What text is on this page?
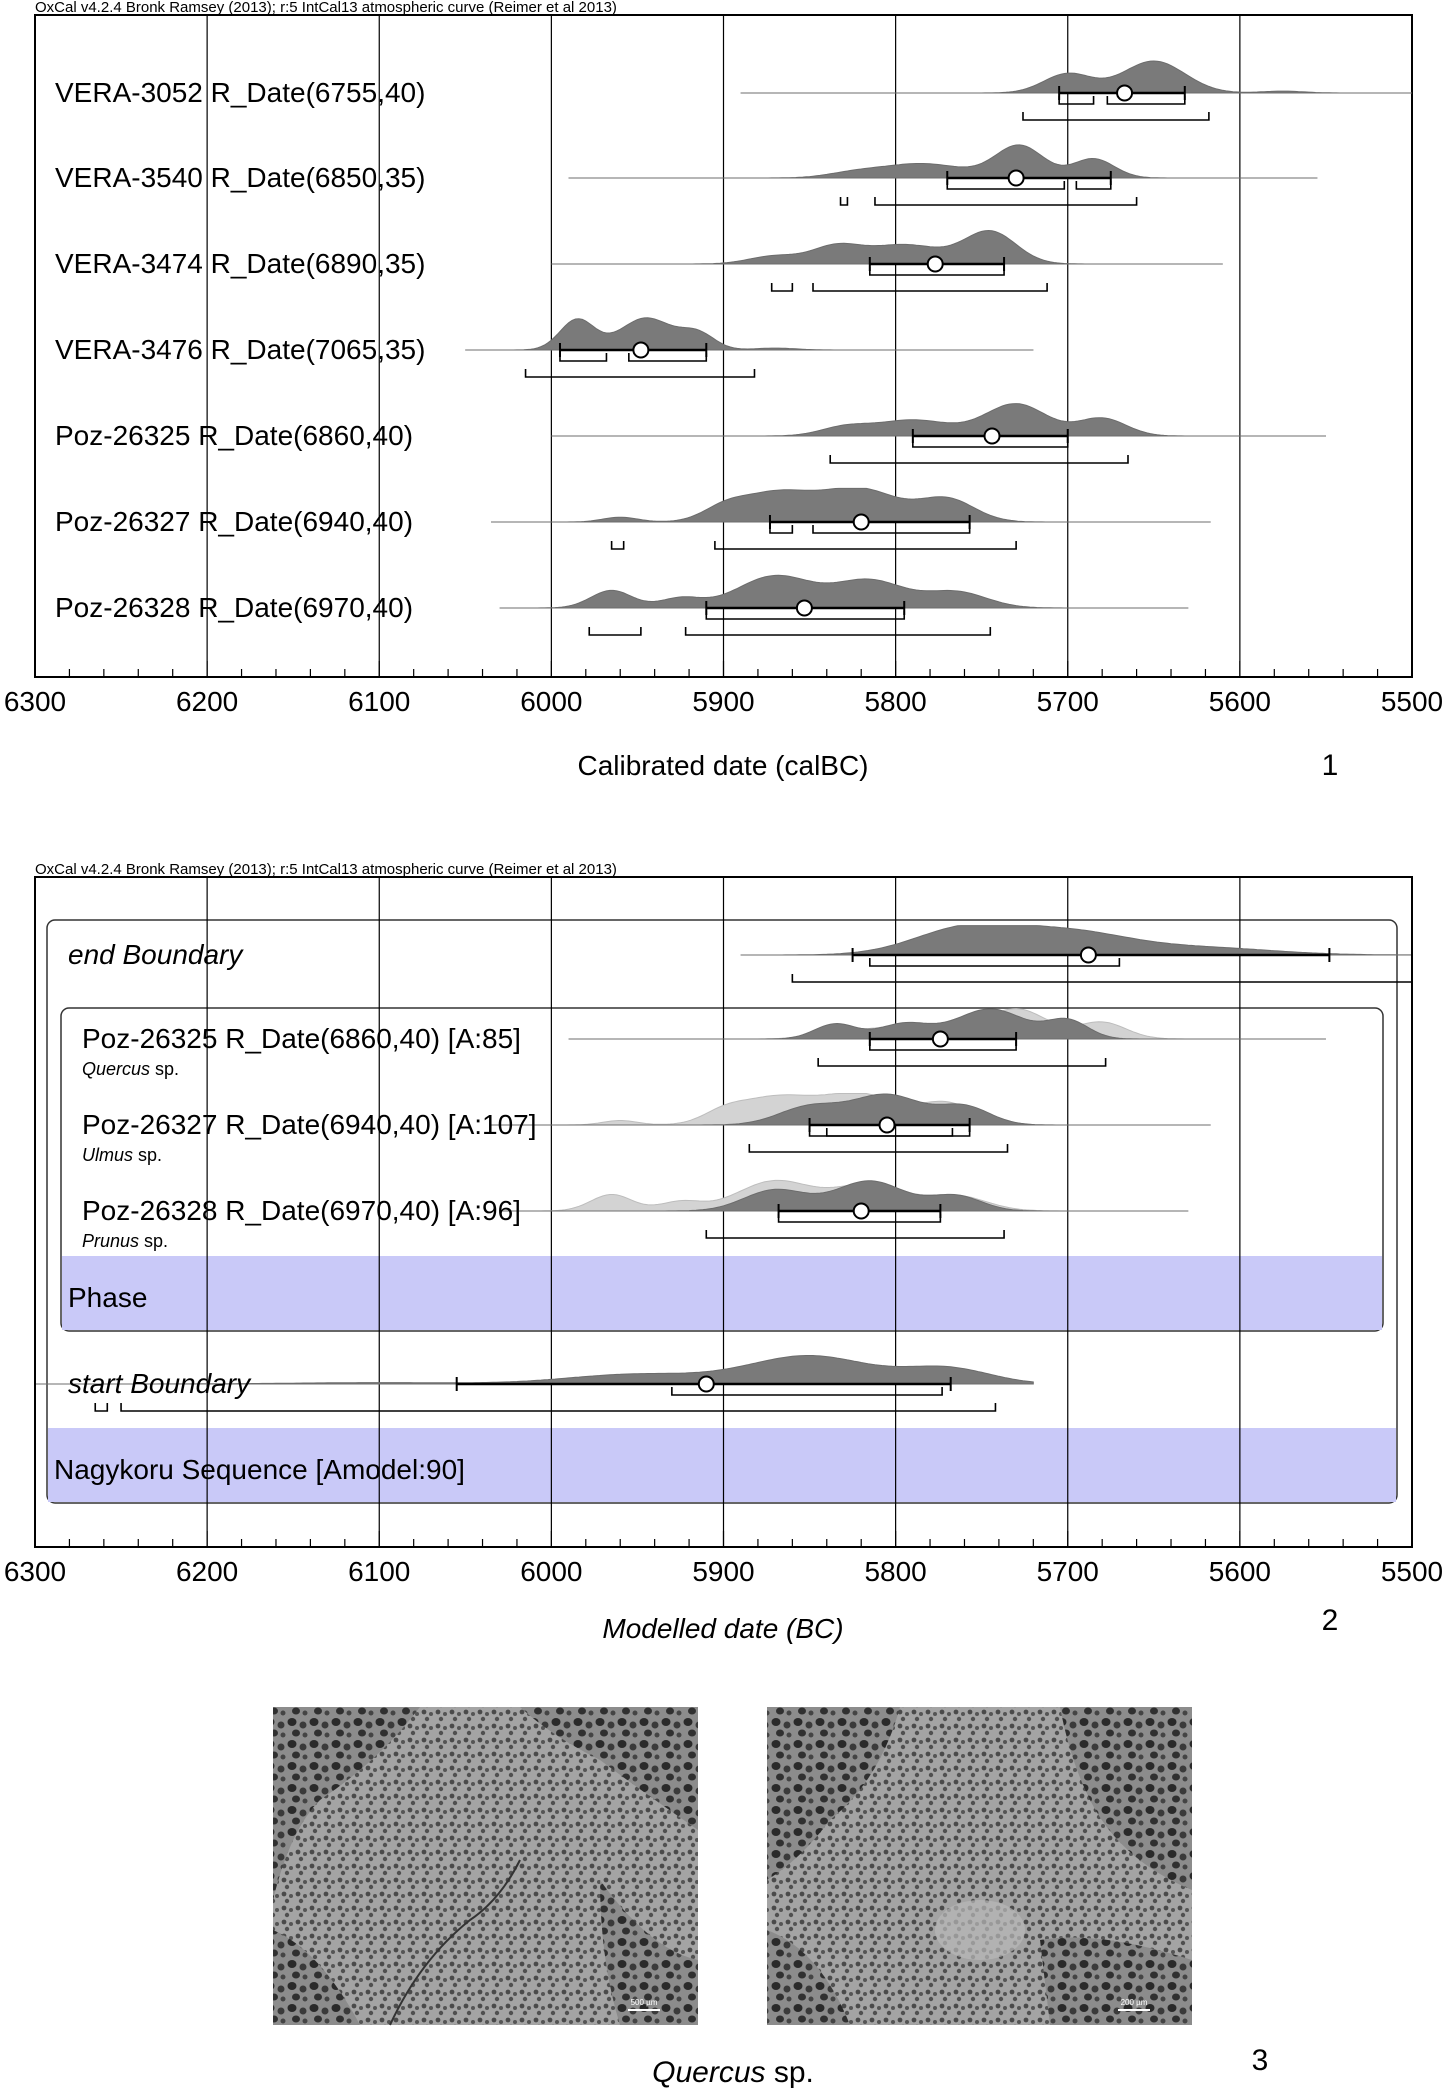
OxCal v4.2.4 Bronk Ramsey (2013); r:5 IntCal13 atmospheric curve (Reimer et al 2013)
VERA-3052 R_Date(6755,40)
VERA-3540 R_Date(6850,35)
VERA-3474 R_Date(6890,35)
VERA-3476 R_Date(7065,35)
Poz-26325 R_Date(6860,40)
Poz-26327 R_Date(6940,40)
Poz-26328 R_Date(6970,40)
6300	6200	6100	6000	5900	5800	5700	5600	5500
Calibrated date (calBC)	1
OxCal v4.2.4 Bronk Ramsey (2013); r:5 IntCal13 atmospheric curve (Reimer et al 2013)
end Boundary
Poz-26325 R_Date(6860,40) [A:85]
Quercus sp.
Poz-26327 R_Date(6940,40) [A:107]
Ulmus sp.
Poz-26328 R_Date(6970,40) [A:96]
Prunus sp.
start Boundary
6300	6200	6100	6000	5900	5800	5700	5600	5500
Phase
Nagykoru Sequence [Amodel:90]
Modelled date (BC)	2
500 µm	200 µm
Quercus sp.	3
